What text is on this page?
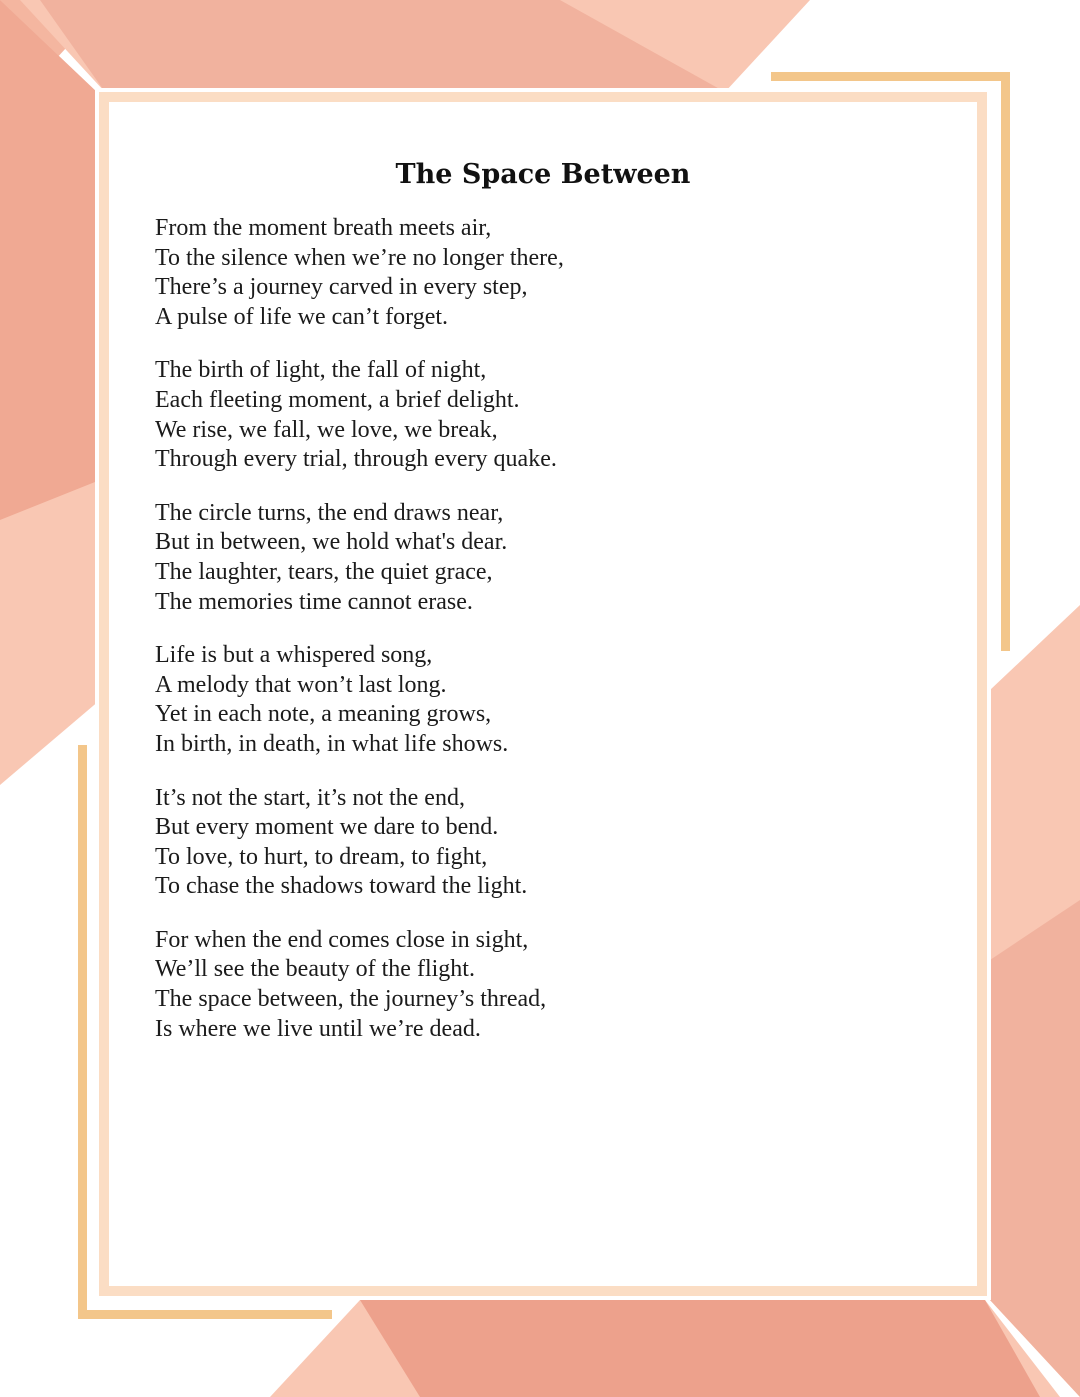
The Space Between
From the moment breath meets air,
To the silence when we’re no longer there,
There’s a journey carved in every step,
A pulse of life we can’t forget.
The birth of light, the fall of night,
Each fleeting moment, a brief delight.
We rise, we fall, we love, we break,
Through every trial, through every quake.
The circle turns, the end draws near,
But in between, we hold what's dear.
The laughter, tears, the quiet grace,
The memories time cannot erase.
Life is but a whispered song,
A melody that won’t last long.
Yet in each note, a meaning grows,
In birth, in death, in what life shows.
It’s not the start, it’s not the end,
But every moment we dare to bend.
To love, to hurt, to dream, to fight,
To chase the shadows toward the light.
For when the end comes close in sight,
We’ll see the beauty of the flight.
The space between, the journey’s thread,
Is where we live until we’re dead.
